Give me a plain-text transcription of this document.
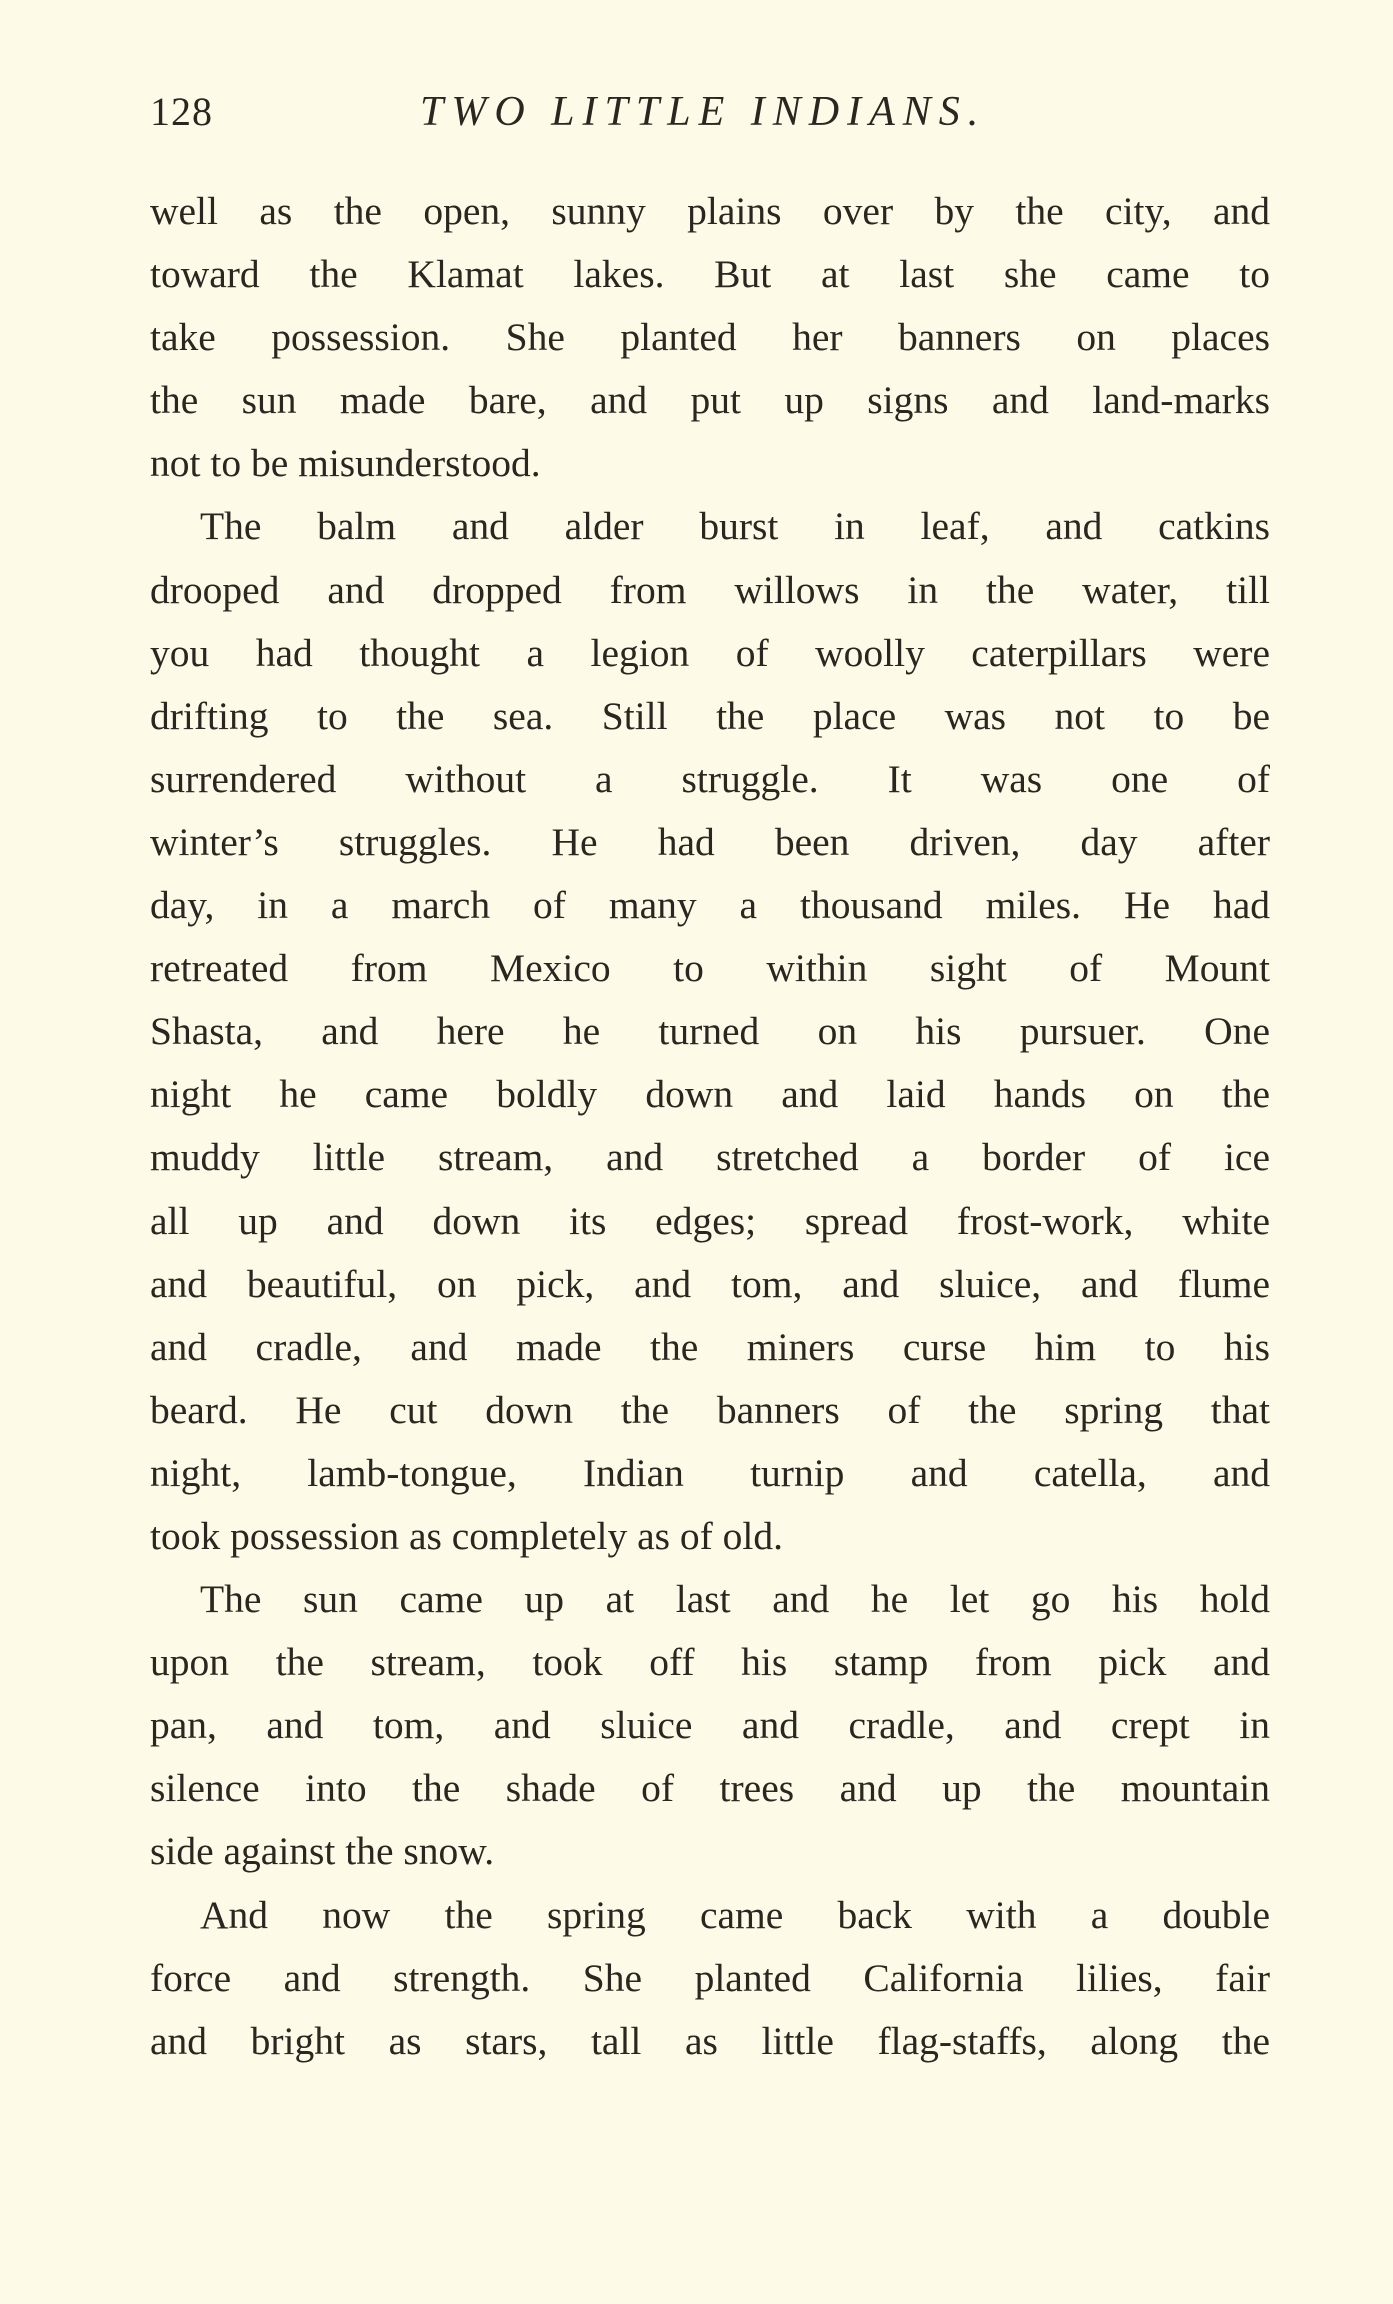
128	TWO LITTLE INDIANS.
well as the open, sunny plains over by the city, and
toward the Klamat lakes. But at last she came to
take possession. She planted her banners on places
the sun made bare, and put up signs and land-marks
not to be misunderstood.
The balm and alder burst in leaf, and catkins
drooped and dropped from willows in the water, till
you had thought a legion of woolly caterpillars were
drifting to the sea. Still the place was not to be
surrendered without a struggle. It was one of
winter’s struggles. He had been driven, day after
day, in a march of many a thousand miles. He had
retreated from Mexico to within sight of Mount
Shasta, and here he turned on his pursuer. One
night he came boldly down and laid hands on the
muddy little stream, and stretched a border of ice
all up and down its edges; spread frost-work, white
and beautiful, on pick, and tom, and sluice, and flume
and cradle, and made the miners curse him to his
beard. He cut down the banners of the spring that
night, lamb-tongue, Indian turnip and catella, and
took possession as completely as of old.
The sun came up at last and he let go his hold
upon the stream, took off his stamp from pick and
pan, and tom, and sluice and cradle, and crept in
silence into the shade of trees and up the mountain
side against the snow.
And now the spring came back with a double
force and strength. She planted California lilies, fair
and bright as stars, tall as little flag-staffs, along the
